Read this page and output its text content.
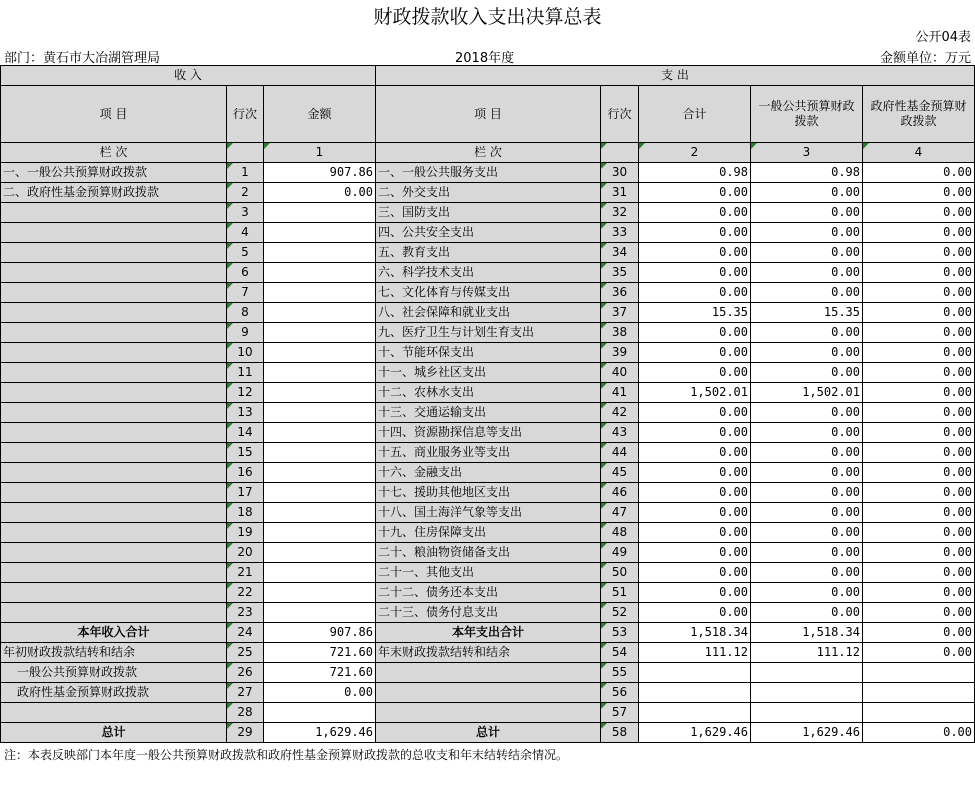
财政拨款收入支出决算总表
公开04表
部门：黄石市大冶湖管理局	2018年度	金额单位：万元
收 入			支 出				
项 目	行次	金额	项 目	行次	合计	一般公共预算财政拨款	政府性基金预算财政拨款
栏 次		1	栏 次		2	3	4
一、一般公共预算财政拨款	1	907.86	一、一般公共服务支出	30	0.98	0.98	0.00
二、政府性基金预算财政拨款	2	0.00	二、外交支出	31	0.00	0.00	0.00
	3		三、国防支出	32	0.00	0.00	0.00
	4		四、公共安全支出	33	0.00	0.00	0.00
	5		五、教育支出	34	0.00	0.00	0.00
	6		六、科学技术支出	35	0.00	0.00	0.00
	7		七、文化体育与传媒支出	36	0.00	0.00	0.00
	8		八、社会保障和就业支出	37	15.35	15.35	0.00
	9		九、医疗卫生与计划生育支出	38	0.00	0.00	0.00
	10		十、节能环保支出	39	0.00	0.00	0.00
	11		十一、城乡社区支出	40	0.00	0.00	0.00
	12		十二、农林水支出	41	1,502.01	1,502.01	0.00
	13		十三、交通运输支出	42	0.00	0.00	0.00
	14		十四、资源勘探信息等支出	43	0.00	0.00	0.00
	15		十五、商业服务业等支出	44	0.00	0.00	0.00
	16		十六、金融支出	45	0.00	0.00	0.00
	17		十七、援助其他地区支出	46	0.00	0.00	0.00
	18		十八、国土海洋气象等支出	47	0.00	0.00	0.00
	19		十九、住房保障支出	48	0.00	0.00	0.00
	20		二十、粮油物资储备支出	49	0.00	0.00	0.00
	21		二十一、其他支出	50	0.00	0.00	0.00
	22		二十二、债务还本支出	51	0.00	0.00	0.00
	23		二十三、债务付息支出	52	0.00	0.00	0.00
本年收入合计	24	907.86	本年支出合计	53	1,518.34	1,518.34	0.00
年初财政拨款结转和结余	25	721.60	年末财政拨款结转和结余	54	111.12	111.12	0.00
一般公共预算财政拨款	26	721.60		55			
政府性基金预算财政拨款	27	0.00		56			
	28			57			
总计	29	1,629.46	总计	58	1,629.46	1,629.46	0.00
注：本表反映部门本年度一般公共预算财政拨款和政府性基金预算财政拨款的总收支和年末结转结余情况。
